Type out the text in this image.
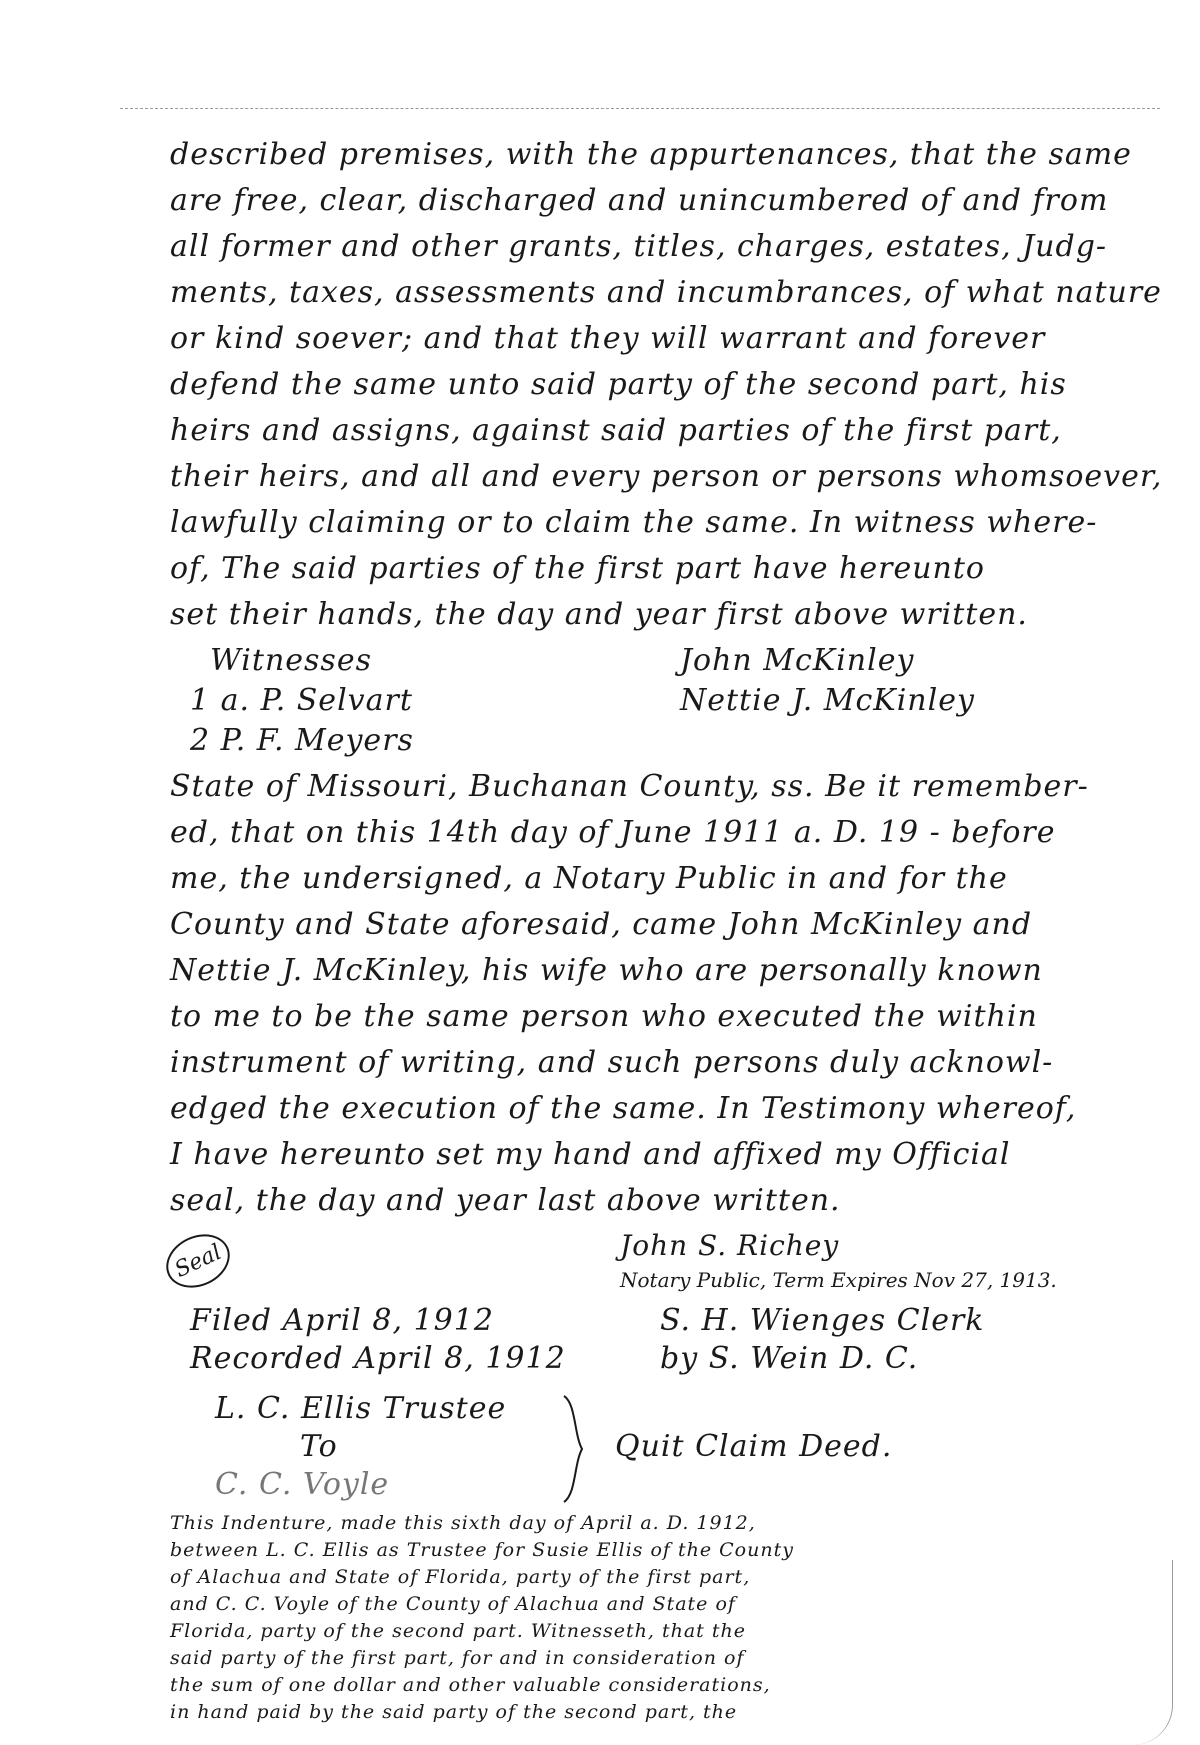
described premises, with the appurtenances, that the same
are free, clear, discharged and unincumbered of and from
all former and other grants, titles, charges, estates, Judg-
ments, taxes, assessments and incumbrances, of what nature
or kind soever; and that they will warrant and forever
defend the same unto said party of the second part, his
heirs and assigns, against said parties of the first part,
their heirs, and all and every person or persons whomsoever,
lawfully claiming or to claim the same. In witness where-
of, The said parties of the first part have hereunto
set their hands, the day and year first above written.
Witnesses	John McKinley
1 a. P. Selvart	Nettie J. McKinley
2 P. F. Meyers
State of Missouri, Buchanan County, ss. Be it remember-
ed, that on this 14th day of June 1911 a. D. 19 - before
me, the undersigned, a Notary Public in and for the
County and State aforesaid, came John McKinley and
Nettie J. McKinley, his wife who are personally known
to me to be the same person who executed the within
instrument of writing, and such persons duly acknowl-
edged the execution of the same. In Testimony whereof,
I have hereunto set my hand and affixed my Official
seal, the day and year last above written.
Seal	John S. Richey
Notary Public, Term Expires Nov 27, 1913.
Filed April 8, 1912	S. H. Wienges Clerk
Recorded April 8, 1912	by S. Wein D. C.
L. C. Ellis Trustee
To
C. C. Voyle
Quit Claim Deed.
This Indenture, made this sixth day of April a. D. 1912,
between L. C. Ellis as Trustee for Susie Ellis of the County
of Alachua and State of Florida, party of the first part,
and C. C. Voyle of the County of Alachua and State of
Florida, party of the second part. Witnesseth, that the
said party of the first part, for and in consideration of
the sum of one dollar and other valuable considerations,
in hand paid by the said party of the second part, the
